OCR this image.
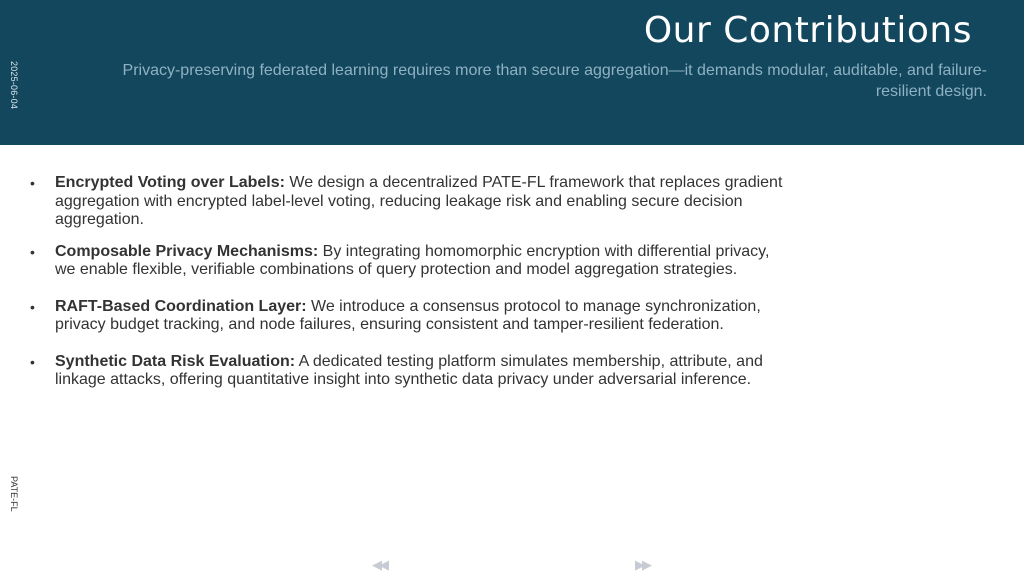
Our Contributions

Privacy-preserving federated learning requires more than secure aggregation—it demands modular, auditable, and failure-resilient design.

2025-06-04
• Encrypted Voting over Labels: We design a decentralized PATE-FL framework that replaces gradient aggregation with encrypted label-level voting, reducing leakage risk and enabling secure decision aggregation.
• Composable Privacy Mechanisms: By integrating homomorphic encryption with differential privacy, we enable flexible, verifiable combinations of query protection and model aggregation strategies.
• RAFT-Based Coordination Layer: We introduce a consensus protocol to manage synchronization, privacy budget tracking, and node failures, ensuring consistent and tamper-resilient federation.
• Synthetic Data Risk Evaluation: A dedicated testing platform simulates membership, attribute, and linkage attacks, offering quantitative insight into synthetic data privacy under adversarial inference.
PATE-FL
◀◀	▶▶
